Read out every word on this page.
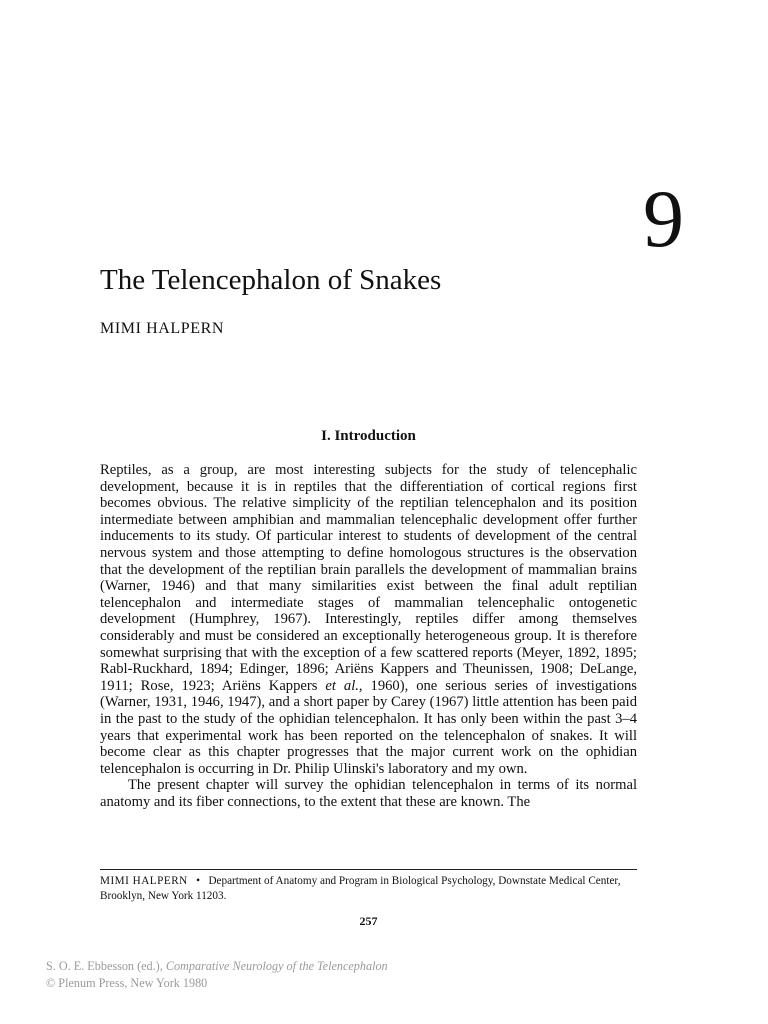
9
The Telencephalon of Snakes
MIMI HALPERN
I. Introduction

Reptiles, as a group, are most interesting subjects for the study of telencephalic development, because it is in reptiles that the differentiation of cortical regions first becomes obvious. The relative simplicity of the reptilian telencephalon and its position intermediate between amphibian and mammalian telencephalic development offer further inducements to its study. Of particular interest to students of development of the central nervous system and those attempting to define homologous structures is the observation that the development of the reptilian brain parallels the development of mammalian brains (Warner, 1946) and that many similarities exist between the final adult reptilian telencephalon and intermediate stages of mammalian telencephalic ontogenetic development (Humphrey, 1967). Interestingly, reptiles differ among themselves considerably and must be considered an exceptionally heterogeneous group. It is therefore somewhat surprising that with the exception of a few scattered reports (Meyer, 1892, 1895; Rabl-Ruckhard, 1894; Edinger, 1896; Ariëns Kappers and Theunissen, 1908; DeLange, 1911; Rose, 1923; Ariëns Kappers et al., 1960), one serious series of investigations (Warner, 1931, 1946, 1947), and a short paper by Carey (1967) little attention has been paid in the past to the study of the ophidian telencephalon. It has only been within the past 3–4 years that experimental work has been reported on the telencephalon of snakes. It will become clear as this chapter progresses that the major current work on the ophidian telencephalon is occurring in Dr. Philip Ulinski's laboratory and my own.

The present chapter will survey the ophidian telencephalon in terms of its normal anatomy and its fiber connections, to the extent that these are known. The

MIMI HALPERN • Department of Anatomy and Program in Biological Psychology, Downstate Medical Center, Brooklyn, New York 11203.
257
S. O. E. Ebbesson (ed.), Comparative Neurology of the Telencephalon
© Plenum Press, New York 1980
